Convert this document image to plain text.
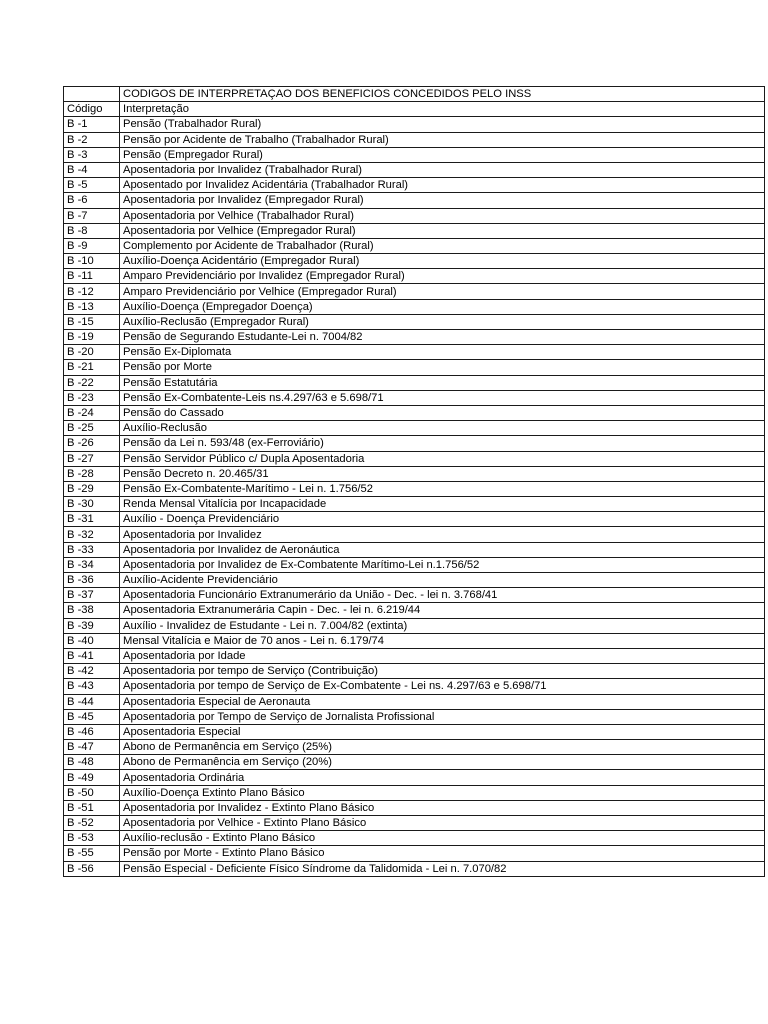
	CODIGOS DE INTERPRETAÇAO DOS BENEFICIOS CONCEDIDOS PELO INSS
Código	Interpretação
B -1	Pensão (Trabalhador Rural)
B -2	Pensão por Acidente de Trabalho (Trabalhador Rural)
B -3	Pensão (Empregador Rural)
B -4	Aposentadoria por Invalidez (Trabalhador Rural)
B -5	Aposentado por Invalidez Acidentária (Trabalhador Rural)
B -6	Aposentadoria por Invalidez (Empregador Rural)
B -7	Aposentadoria por Velhice (Trabalhador Rural)
B -8	Aposentadoria por Velhice (Empregador Rural)
B -9	Complemento por Acidente de Trabalhador (Rural)
B -10	Auxílio-Doença Acidentário (Empregador Rural)
B -11	Amparo Previdenciário por Invalidez (Empregador Rural)
B -12	Amparo Previdenciário por Velhice (Empregador Rural)
B -13	Auxílio-Doença (Empregador Doença)
B -15	Auxílio-Reclusão (Empregador Rural)
B -19	Pensão de Segurando Estudante-Lei n. 7004/82
B -20	Pensão Ex-Diplomata
B -21	Pensão por Morte
B -22	Pensão Estatutária
B -23	Pensão Ex-Combatente-Leis ns.4.297/63 e 5.698/71
B -24	Pensão do Cassado
B -25	Auxílio-Reclusão
B -26	Pensão da Lei n. 593/48 (ex-Ferroviário)
B -27	Pensão Servidor Público c/ Dupla Aposentadoria
B -28	Pensão Decreto n. 20.465/31
B -29	Pensão Ex-Combatente-Marítimo - Lei n. 1.756/52
B -30	Renda Mensal Vitalícia por Incapacidade
B -31	Auxílio - Doença Previdenciário
B -32	Aposentadoria por Invalidez
B -33	Aposentadoria por Invalidez de Aeronáutica
B -34	Aposentadoria por Invalidez de Ex-Combatente Marítimo-Lei n.1.756/52
B -36	Auxílio-Acidente Previdenciário
B -37	Aposentadoria Funcionário Extranumerário da União - Dec. - lei n. 3.768/41
B -38	Aposentadoria Extranumerária Capin - Dec. - lei n. 6.219/44
B -39	Auxílio - Invalidez de Estudante - Lei n. 7.004/82 (extinta)
B -40	Mensal Vitalícia e Maior de 70 anos - Lei n. 6.179/74
B -41	Aposentadoria por Idade
B -42	Aposentadoria por tempo de Serviço (Contribuição)
B -43	Aposentadoria por tempo de Serviço de Ex-Combatente - Lei ns. 4.297/63 e 5.698/71
B -44	Aposentadoria Especial de Aeronauta
B -45	Aposentadoria por Tempo de Serviço de Jornalista Profissional
B -46	Aposentadoria Especial
B -47	Abono de Permanência em Serviço (25%)
B -48	Abono de Permanência em Serviço (20%)
B -49	Aposentadoria Ordinária
B -50	Auxílio-Doença Extinto Plano Básico
B -51	Aposentadoria por Invalidez - Extinto Plano Básico
B -52	Aposentadoria por Velhice - Extinto Plano Básico
B -53	Auxílio-reclusão - Extinto Plano Básico
B -55	Pensão por Morte - Extinto Plano Básico
B -56	Pensão Especial - Deficiente Físico Síndrome da Talidomida - Lei n. 7.070/82
